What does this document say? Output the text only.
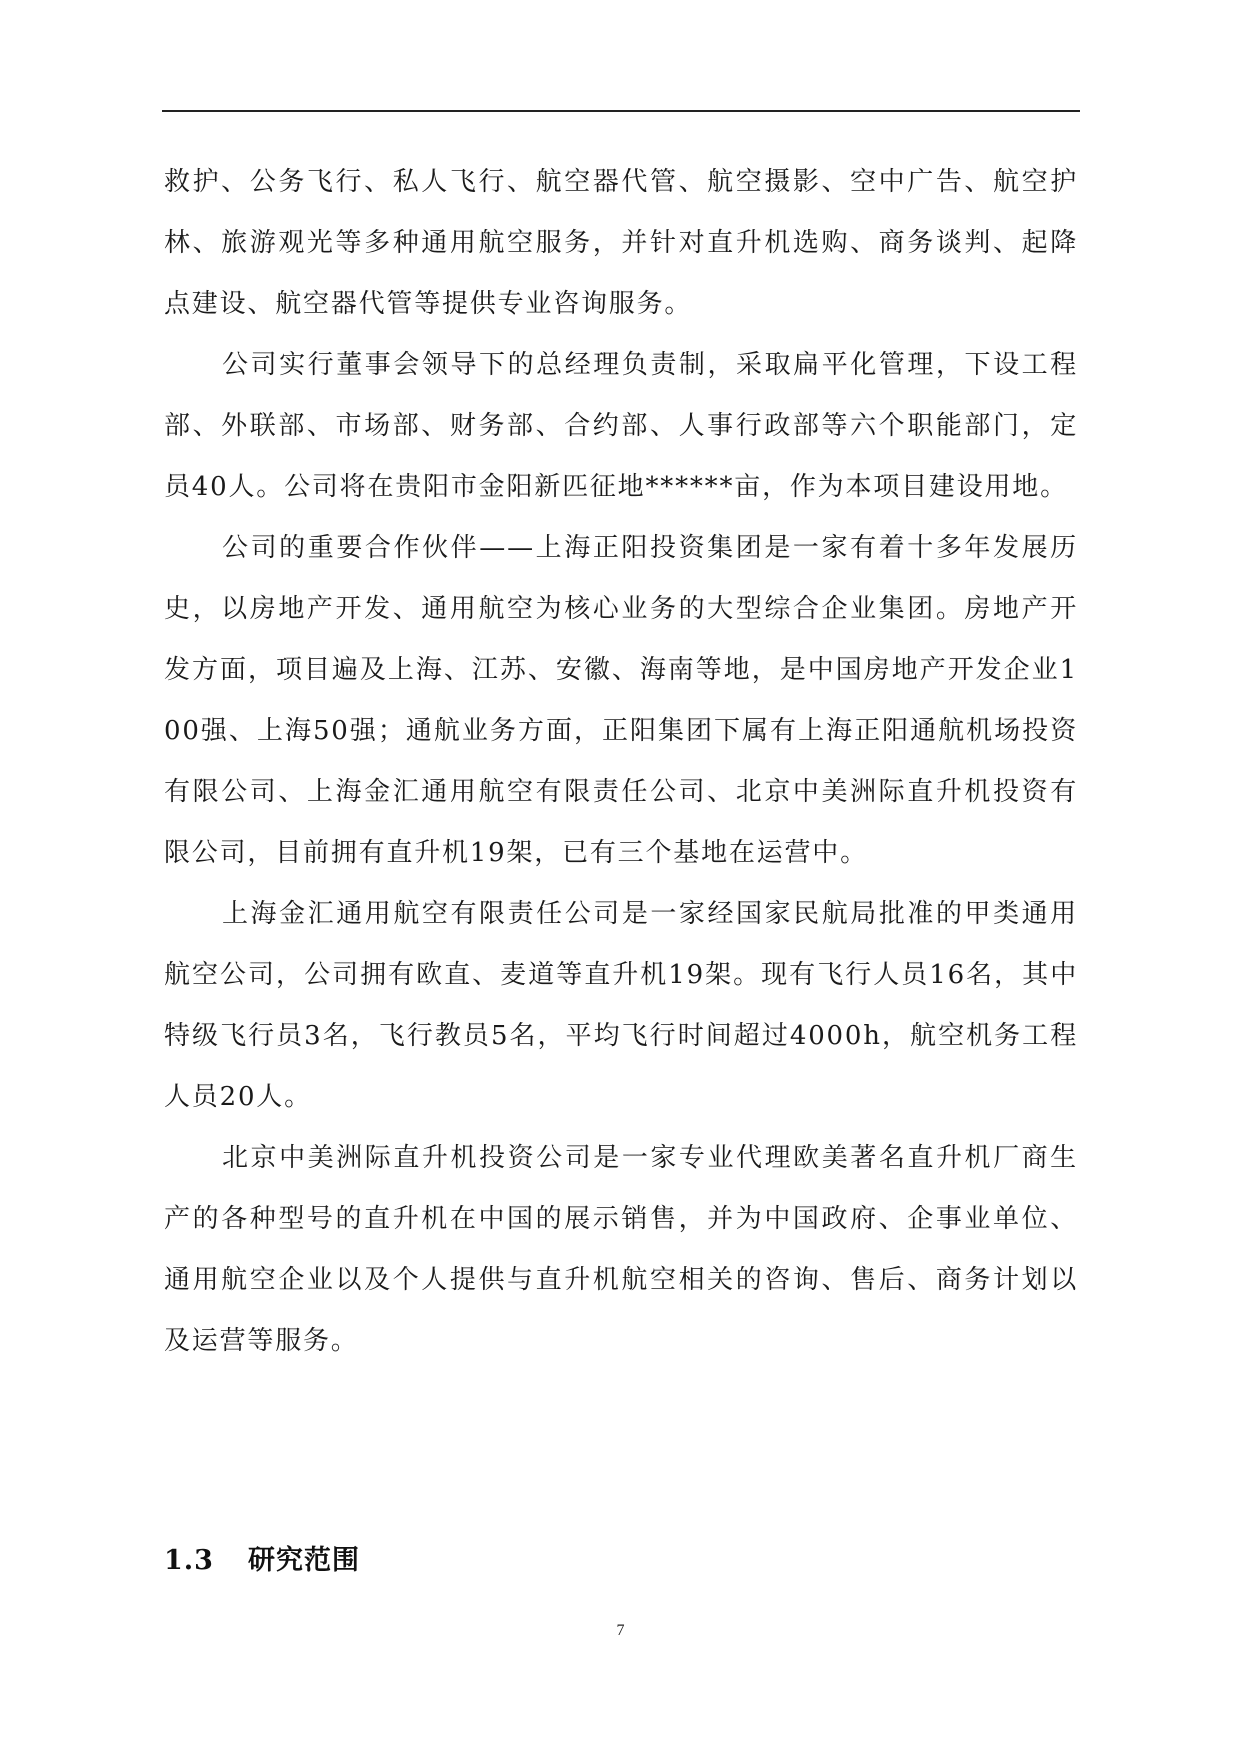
救护、公务飞行、私人飞行、航空器代管、航空摄影、空中广告、航空护林、旅游观光等多种通用航空服务，并针对直升机选购、商务谈判、起降点建设、航空器代管等提供专业咨询服务。

公司实行董事会领导下的总经理负责制，采取扁平化管理，下设工程部、外联部、市场部、财务部、合约部、人事行政部等六个职能部门，定员40人。公司将在贵阳市金阳新匹征地******亩，作为本项目建设用地。

公司的重要合作伙伴——上海正阳投资集团是一家有着十多年发展历史，以房地产开发、通用航空为核心业务的大型综合企业集团。房地产开发方面，项目遍及上海、江苏、安徽、海南等地，是中国房地产开发企业100强、上海50强；通航业务方面，正阳集团下属有上海正阳通航机场投资有限公司、上海金汇通用航空有限责任公司、北京中美洲际直升机投资有限公司，目前拥有直升机19架，已有三个基地在运营中。

上海金汇通用航空有限责任公司是一家经国家民航局批准的甲类通用航空公司，公司拥有欧直、麦道等直升机19架。现有飞行人员16名，其中特级飞行员3名，飞行教员5名，平均飞行时间超过4000h，航空机务工程人员20人。

北京中美洲际直升机投资公司是一家专业代理欧美著名直升机厂商生产的各种型号的直升机在中国的展示销售，并为中国政府、企事业单位、通用航空企业以及个人提供与直升机航空相关的咨询、售后、商务计划以及运营等服务。

1.3 研究范围
7
